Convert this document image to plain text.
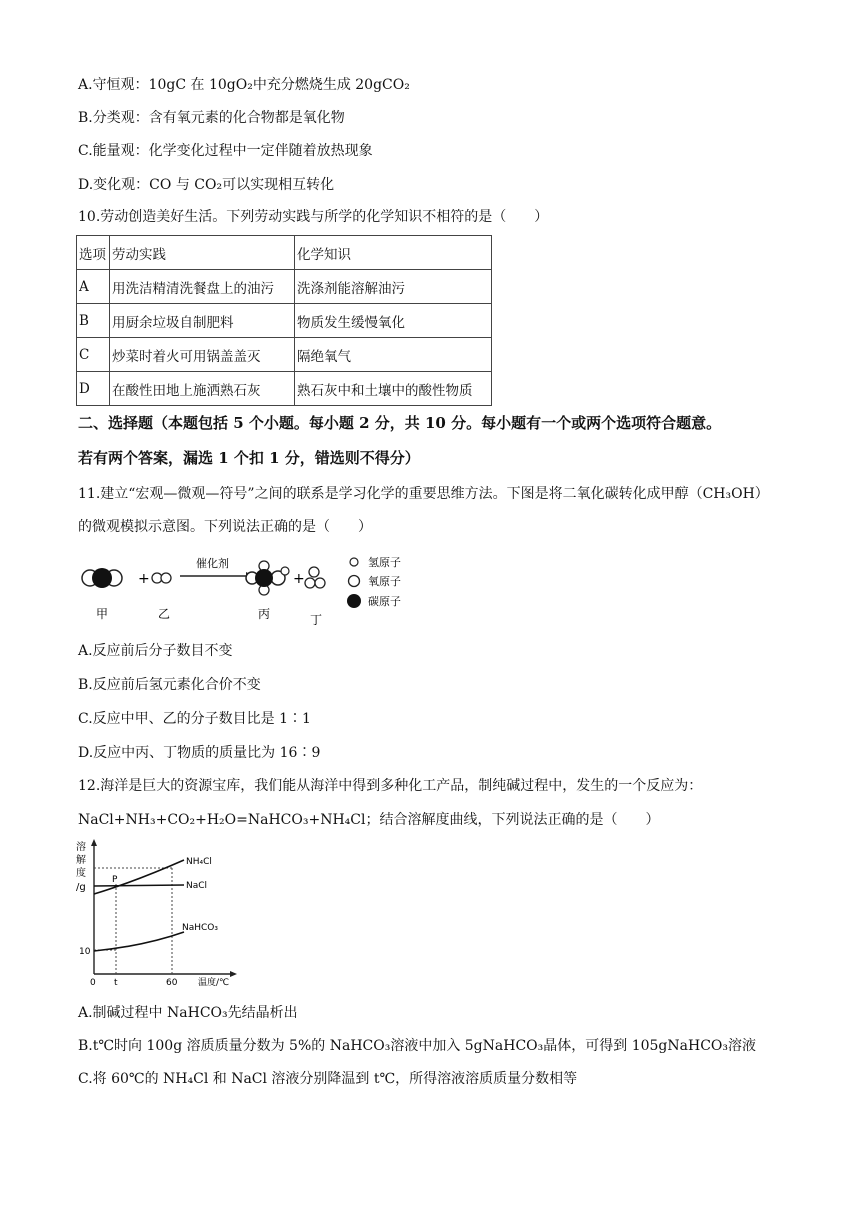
A.守恒观：10gC 在 10gO₂中充分燃烧生成 20gCO₂
B.分类观：含有氧元素的化合物都是氧化物
C.能量观：化学变化过程中一定伴随着放热现象
D.变化观：CO 与 CO₂可以实现相互转化
10.劳动创造美好生活。下列劳动实践与所学的化学知识不相符的是（　　）
选项	劳动实践	化学知识
A	用洗洁精清洗餐盘上的油污	洗涤剂能溶解油污
B	用厨余垃圾自制肥料	物质发生缓慢氧化
C	炒菜时着火可用锅盖盖灭	隔绝氧气
D	在酸性田地上施洒熟石灰	熟石灰中和土壤中的酸性物质
二、选择题（本题包括 5 个小题。每小题 2 分，共 10 分。每小题有一个或两个选项符合题意。
若有两个答案，漏选 1 个扣 1 分，错选则不得分）
11.建立“宏观—微观—符号”之间的联系是学习化学的重要思维方法。下图是将二氧化碳转化成甲醇（CH₃OH）
的微观模拟示意图。下列说法正确的是（　　）
+
催化剂
+
甲	乙	丙	丁
氢原子
氧原子
碳原子
A.反应前后分子数目不变
B.反应前后氢元素化合价不变
C.反应中甲、乙的分子数目比是 1∶1
D.反应中丙、丁物质的质量比为 16∶9
12.海洋是巨大的资源宝库，我们能从海洋中得到多种化工产品，制纯碱过程中，发生的一个反应为：
NaCl+NH₃+CO₂+H₂O=NaHCO₃+NH₄Cl；结合溶解度曲线，下列说法正确的是（　　）
溶
解
度
/g
NH₄Cl
NaCl
NaHCO₃
P
10
0 t	60 温度/℃
A.制碱过程中 NaHCO₃先结晶析出
B.t℃时向 100g 溶质质量分数为 5%的 NaHCO₃溶液中加入 5gNaHCO₃晶体，可得到 105gNaHCO₃溶液
C.将 60℃的 NH₄Cl 和 NaCl 溶液分别降温到 t℃，所得溶液溶质质量分数相等
